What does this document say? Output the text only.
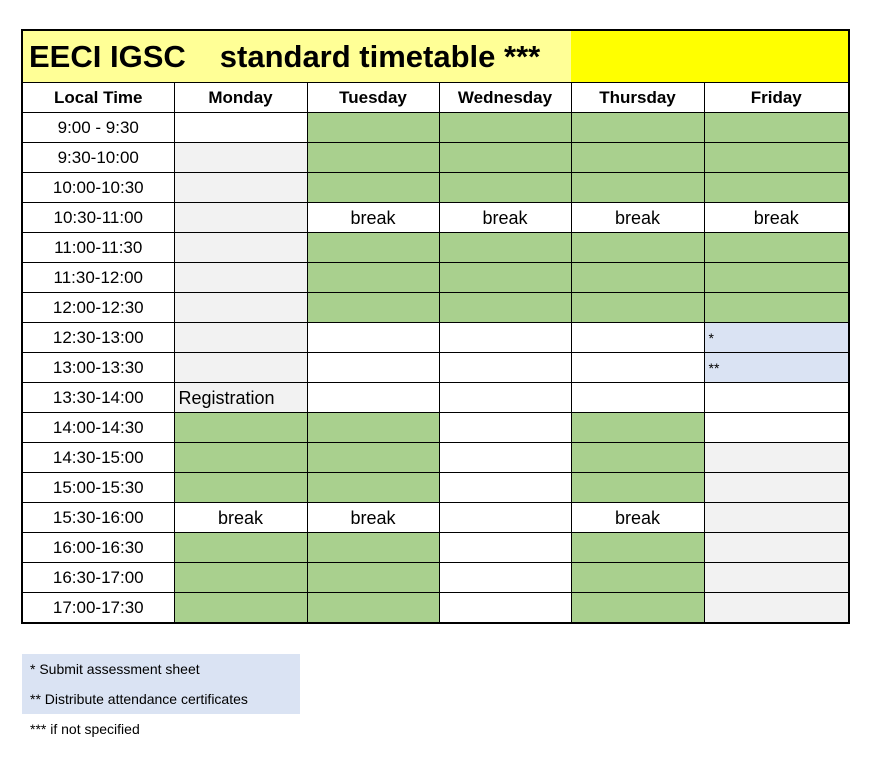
EECI IGSC standard timetable ***					
Local Time	Monday	Tuesday	Wednesday	Thursday	Friday
9:00 - 9:30					
9:30-10:00					
10:00-10:30					
10:30-11:00		break	break	break	break
11:00-11:30					
11:30-12:00					
12:00-12:30					
12:30-13:00					*
13:00-13:30					**
13:30-14:00	Registration				
14:00-14:30					
14:30-15:00					
15:00-15:30					
15:30-16:00	break	break		break	
16:00-16:30					
16:30-17:00					
17:00-17:30					
* Submit assessment sheet
** Distribute attendance certificates
*** if not specified
